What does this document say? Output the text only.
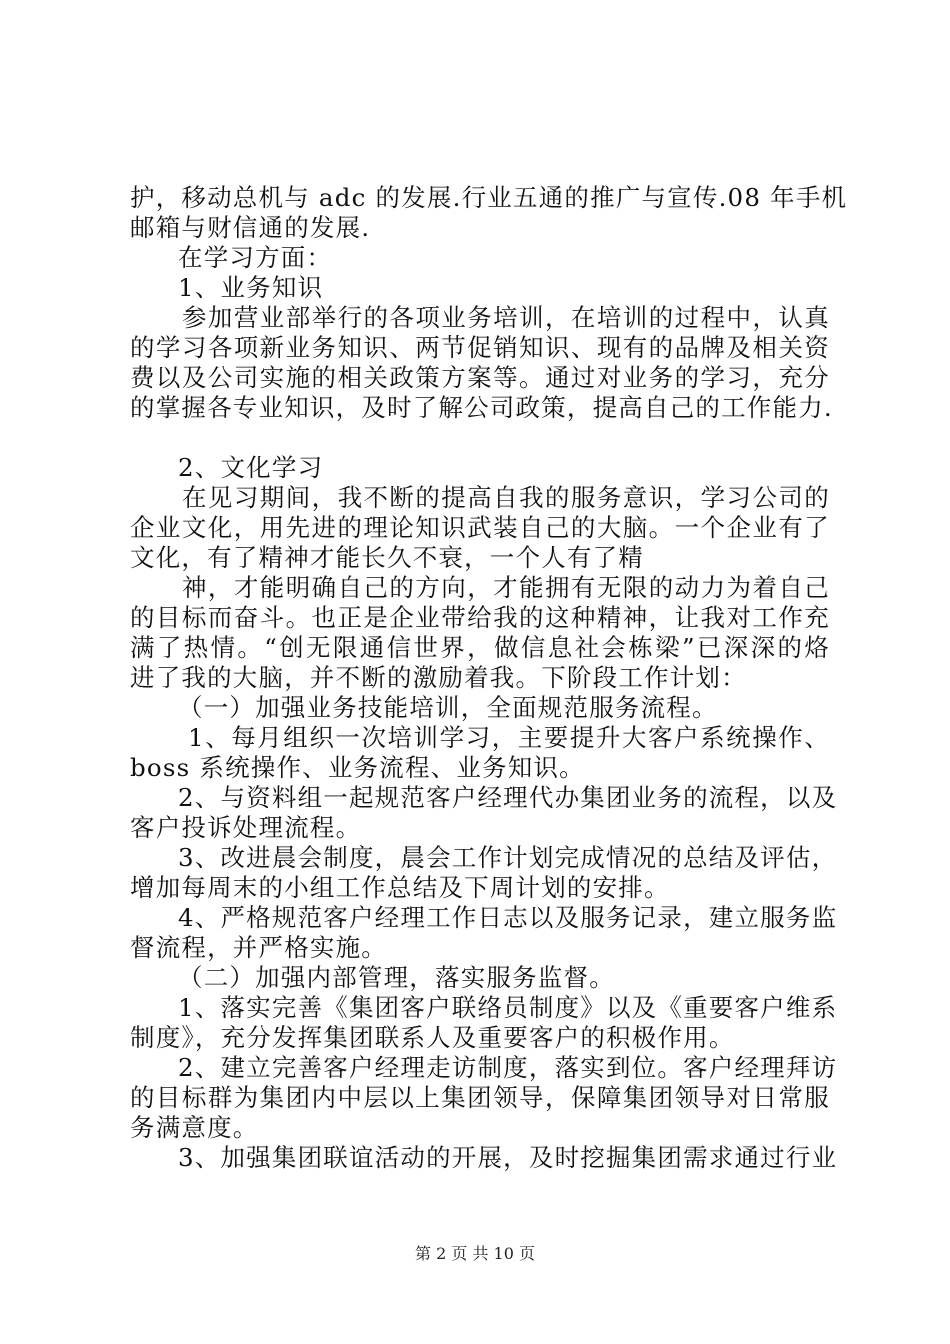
护，移动总机与 adc 的发展.行业五通的推广与宣传.08 年手机
邮箱与财信通的发展.
在学习方面：
1、业务知识
参加营业部举行的各项业务培训，在培训的过程中，认真
的学习各项新业务知识、两节促销知识、现有的品牌及相关资
费以及公司实施的相关政策方案等。通过对业务的学习，充分
的掌握各专业知识，及时了解公司政策，提高自己的工作能力.
2、文化学习
在见习期间，我不断的提高自我的服务意识，学习公司的
企业文化，用先进的理论知识武装自己的大脑。一个企业有了
文化，有了精神才能长久不衰，一个人有了精
神，才能明确自己的方向，才能拥有无限的动力为着自己
的目标而奋斗。也正是企业带给我的这种精神，让我对工作充
满了热情。“创无限通信世界，做信息社会栋梁”已深深的烙
进了我的大脑，并不断的激励着我。下阶段工作计划：
（一）加强业务技能培训，全面规范服务流程。
1、每月组织一次培训学习，主要提升大客户系统操作、
boss 系统操作、业务流程、业务知识。
2、与资料组一起规范客户经理代办集团业务的流程，以及
客户投诉处理流程。
3、改进晨会制度，晨会工作计划完成情况的总结及评估，
增加每周末的小组工作总结及下周计划的安排。
4、严格规范客户经理工作日志以及服务记录，建立服务监
督流程，并严格实施。
（二）加强内部管理，落实服务监督。
1、落实完善《集团客户联络员制度》以及《重要客户维系
制度》，充分发挥集团联系人及重要客户的积极作用。
2、建立完善客户经理走访制度，落实到位。客户经理拜访
的目标群为集团内中层以上集团领导，保障集团领导对日常服
务满意度。
3、加强集团联谊活动的开展，及时挖掘集团需求通过行业
第 2 页 共 10 页
